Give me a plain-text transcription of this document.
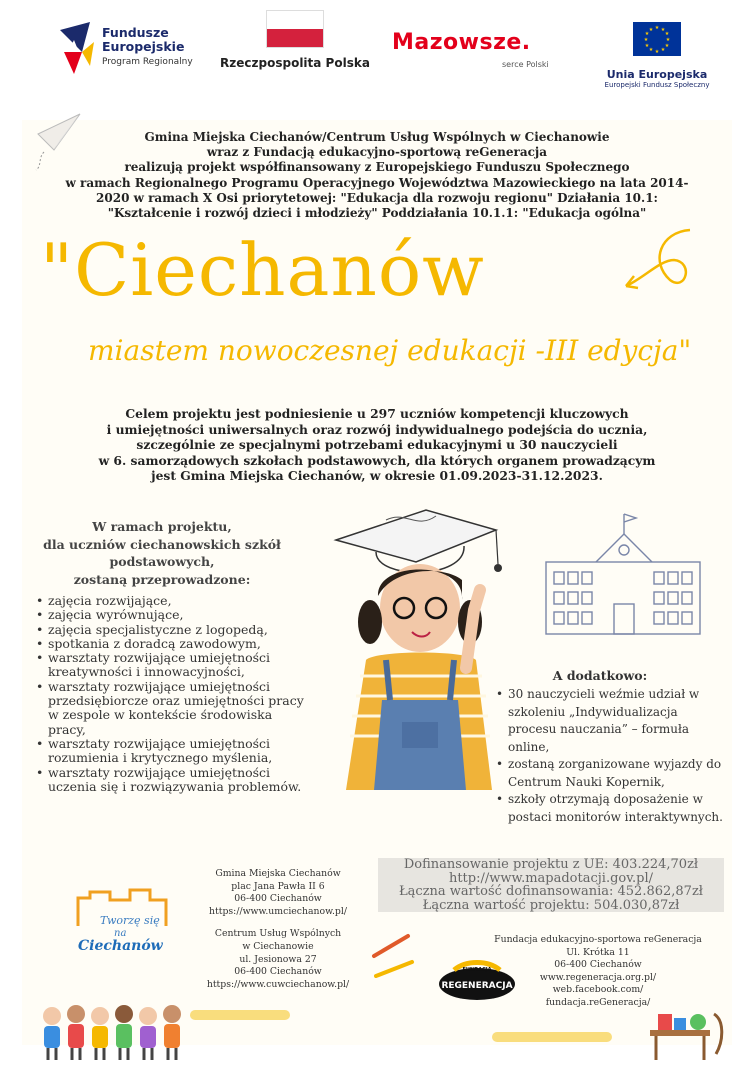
Fundusze
Europejskie
Program Regionalny Rzeczpospolita Polska
Mazowsze.
serce Polski
★ ★
★
★
★
★
★
★
★
★
★
★
Unia Europejska
Europejski Fundusz Społeczny
Gmina Miejska Ciechanów/Centrum Usług Wspólnych w Ciechanowie
wraz z Fundacją edukacyjno-sportową reGeneracja
realizują projekt współfinansowany z Europejskiego Funduszu Społecznego
w ramach Regionalnego Programu Operacyjnego Województwa Mazowieckiego na lata 2014-
2020 w ramach X Osi priorytetowej: "Edukacja dla rozwoju regionu" Działania 10.1:
"Kształcenie i rozwój dzieci i młodzieży" Poddziałania 10.1.1: "Edukacja ogólna"
"Ciechanów
miastem nowoczesnej edukacji -III edycja"
Celem projektu jest podniesienie u 297 uczniów kompetencji kluczowych
i umiejętności uniwersalnych oraz rozwój indywidualnego podejścia do ucznia,
szczególnie ze specjalnymi potrzebami edukacyjnymi u 30 nauczycieli
w 6. samorządowych szkołach podstawowych, dla których organem prowadzącym
jest Gmina Miejska Ciechanów, w okresie 01.09.2023-31.12.2023.
W ramach projektu,
dla uczniów ciechanowskich szkół
podstawowych,
zostaną przeprowadzone:
• zajęcia rozwijające,
• zajęcia wyrównujące,
• zajęcia specjalistyczne z logopedą,
• spotkania z doradcą zawodowym,
• warsztaty rozwijające umiejętności kreatywności i innowacyjności,
• warsztaty rozwijające umiejętności przedsiębiorcze oraz umiejętności pracy w zespole w kontekście środowiska pracy,
• warsztaty rozwijające umiejętności rozumienia i krytycznego myślenia,
• warsztaty rozwijające umiejętności uczenia się i rozwiązywania problemów.
A dodatkowo:
• 30 nauczycieli weźmie udział w szkoleniu „Indywidualizacja procesu nauczania” – formuła online,
• zostaną zorganizowane wyjazdy do Centrum Nauki Kopernik,
• szkoły otrzymają doposażenie w postaci monitorów interaktywnych.
Dofinansowanie projektu z UE: 403.224,70zł
http://www.mapadotacji.gov.pl/
Łączna wartość dofinansowania: 452.862,87zł
Łączna wartość projektu: 504.030,87zł
Gmina Miejska Ciechanów
plac Jana Pawła II 6
06-400 Ciechanów
https://www.umciechanow.pl/
Centrum Usług Wspólnych
w Ciechanowie
ul. Jesionowa 27
06-400 Ciechanów
https://www.cuwciechanow.pl/
Fundacja edukacyjno-sportowa reGeneracja
Ul. Krótka 11
06-400 Ciechanów
www.regeneracja.org.pl/
web.facebook.com/
fundacja.reGeneracja/
Tworzę się
na
Ciechanów
FUNDACJA
REGENERACJA
